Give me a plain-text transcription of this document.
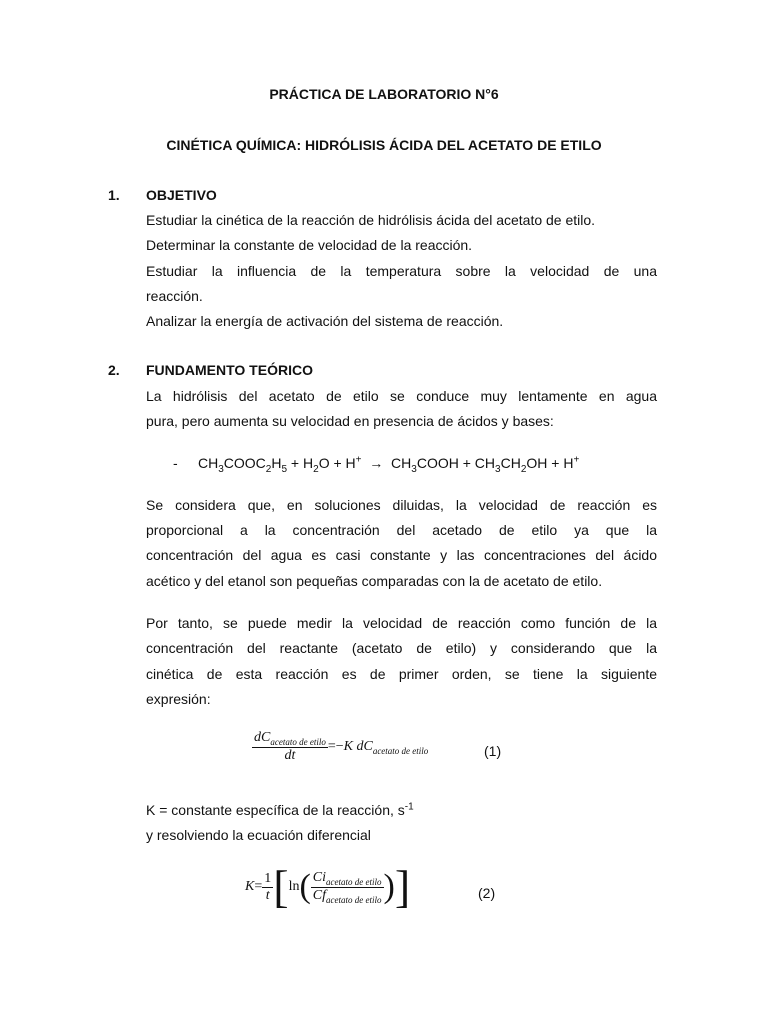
PRÁCTICA DE LABORATORIO N°6
CINÉTICA QUÍMICA: HIDRÓLISIS ÁCIDA DEL ACETATO DE ETILO
1. OBJETIVO
Estudiar la cinética de la reacción de hidrólisis ácida del acetato de etilo.
Determinar la constante de velocidad de la reacción.
Estudiar la influencia de la temperatura sobre la velocidad de una
reacción.
Analizar la energía de activación del sistema de reacción.
2. FUNDAMENTO TEÓRICO
La hidrólisis del acetato de etilo se conduce muy lentamente en agua
pura, pero aumenta su velocidad en presencia de ácidos y bases:
- $CH_3COOC_2H_5 + H_2O + H^+$ →  $CH_3COOH + CH_3CH_2OH + H^+$
Se considera que, en soluciones diluidas, la velocidad de reacción es
proporcional a la concentración del acetado de etilo ya que la
concentración del agua es casi constante y las concentraciones del ácido
acético y del etanol son pequeñas comparadas con la de acetato de etilo.
Por tanto, se puede medir la velocidad de reacción como función de la
concentración del reactante (acetato de etilo) y considerando que la
cinética de esta reacción es de primer orden, se tiene la siguiente
expresión:
$\frac{dC_{acetato de etilo}}{dt} =-K$ $dC_{acetato de etilo}$	(1)
K = constante específica de la reacción, $s^{-1}$
y resolviendo la ecuación diferencial
$K= \frac{1}{t} [\ln( \frac{Ci_{acetato de etilo}}{Cf_{acetato de etilo}}$ )]	(2)
